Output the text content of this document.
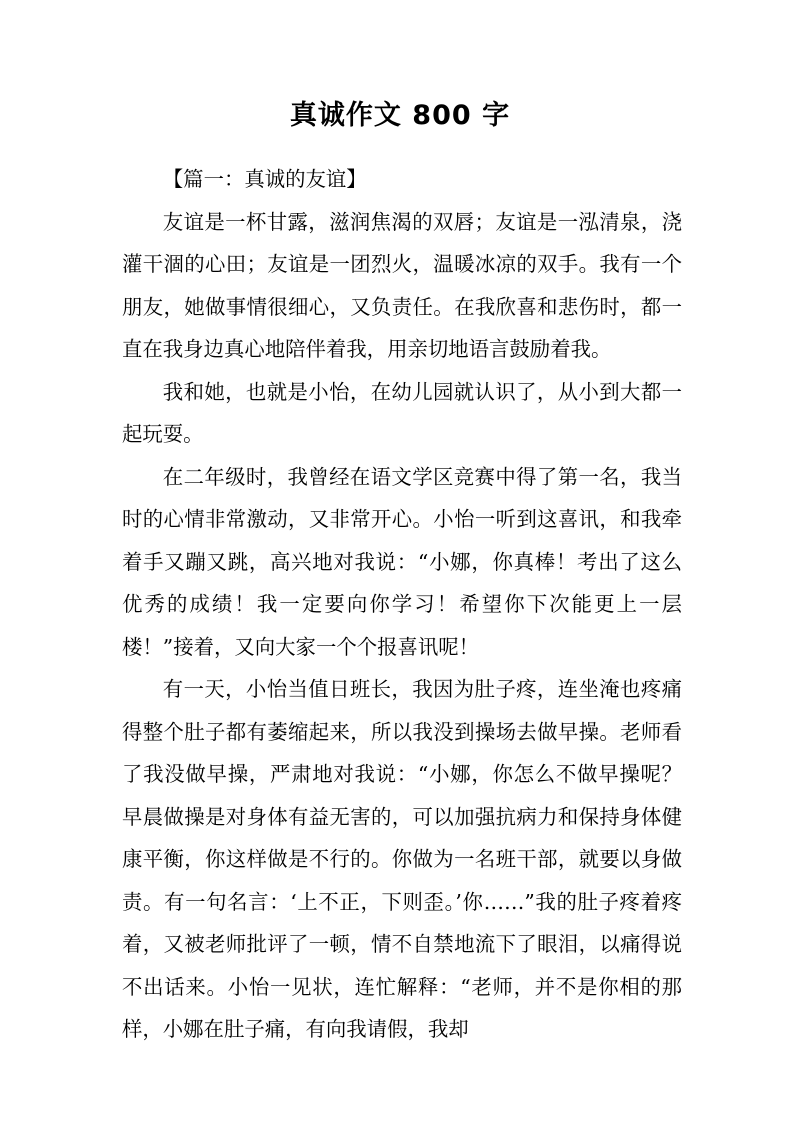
真诚作文 800 字

【篇一：真诚的友谊】

友谊是一杯甘露，滋润焦渴的双唇；友谊是一泓清泉，浇灌干涸的心田；友谊是一团烈火，温暖冰凉的双手。我有一个朋友，她做事情很细心，又负责任。在我欣喜和悲伤时，都一直在我身边真心地陪伴着我，用亲切地语言鼓励着我。

我和她，也就是小怡，在幼儿园就认识了，从小到大都一起玩耍。

在二年级时，我曾经在语文学区竞赛中得了第一名，我当时的心情非常激动，又非常开心。小怡一听到这喜讯，和我牵着手又蹦又跳，高兴地对我说：“小娜，你真棒！考出了这么优秀的成绩！我一定要向你学习！希望你下次能更上一层楼！”接着，又向大家一个个报喜讯呢！

有一天，小怡当值日班长，我因为肚子疼，连坐淹也疼痛得整个肚子都有萎缩起来，所以我没到操场去做早操。老师看了我没做早操，严肃地对我说：“小娜，你怎么不做早操呢？早晨做操是对身体有益无害的，可以加强抗病力和保持身体健康平衡，你这样做是不行的。你做为一名班干部，就要以身做责。有一句名言：‘上不正，下则歪。’你……”我的肚子疼着疼着，又被老师批评了一顿，情不自禁地流下了眼泪，以痛得说不出话来。小怡一见状，连忙解释：“老师，并不是你相的那样，小娜在肚子痛，有向我请假，我却
